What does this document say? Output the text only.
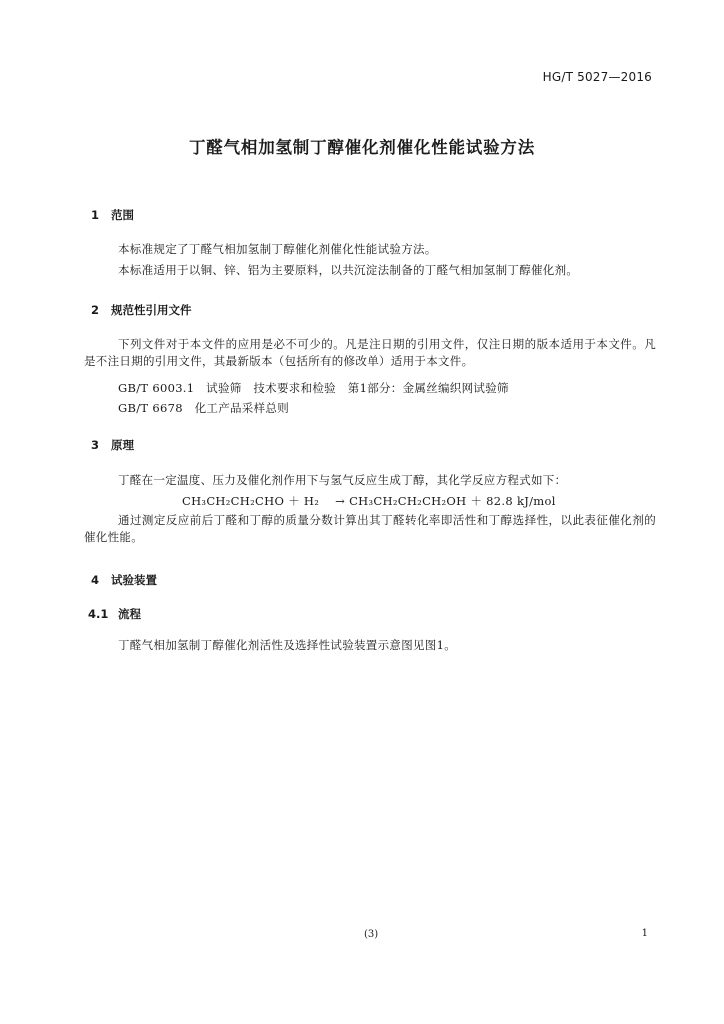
HG/T 5027—2016
丁醛气相加氢制丁醇催化剂催化性能试验方法
1 范围
本标准规定了丁醛气相加氢制丁醇催化剂催化性能试验方法。
本标准适用于以铜、锌、铝为主要原料，以共沉淀法制备的丁醛气相加氢制丁醇催化剂。
2 规范性引用文件
下列文件对于本文件的应用是必不可少的。凡是注日期的引用文件，仅注日期的版本适用于本文件。凡是不注日期的引用文件，其最新版本（包括所有的修改单）适用于本文件。
GB/T 6003.1　试验筛　技术要求和检验　第1部分：金属丝编织网试验筛
GB/T 6678　化工产品采样总则
3 原理
丁醛在一定温度、压力及催化剂作用下与氢气反应生成丁醇，其化学反应方程式如下：
CH₃CH₂CH₂CHO ＋ H₂ → CH₃CH₂CH₂CH₂OH ＋ 82.8 kJ/mol
通过测定反应前后丁醛和丁醇的质量分数计算出其丁醛转化率即活性和丁醇选择性，以此表征催化剂的催化性能。
4 试验装置
4.1 流程
丁醛气相加氢制丁醇催化剂活性及选择性试验装置示意图见图1。
(3)	1
